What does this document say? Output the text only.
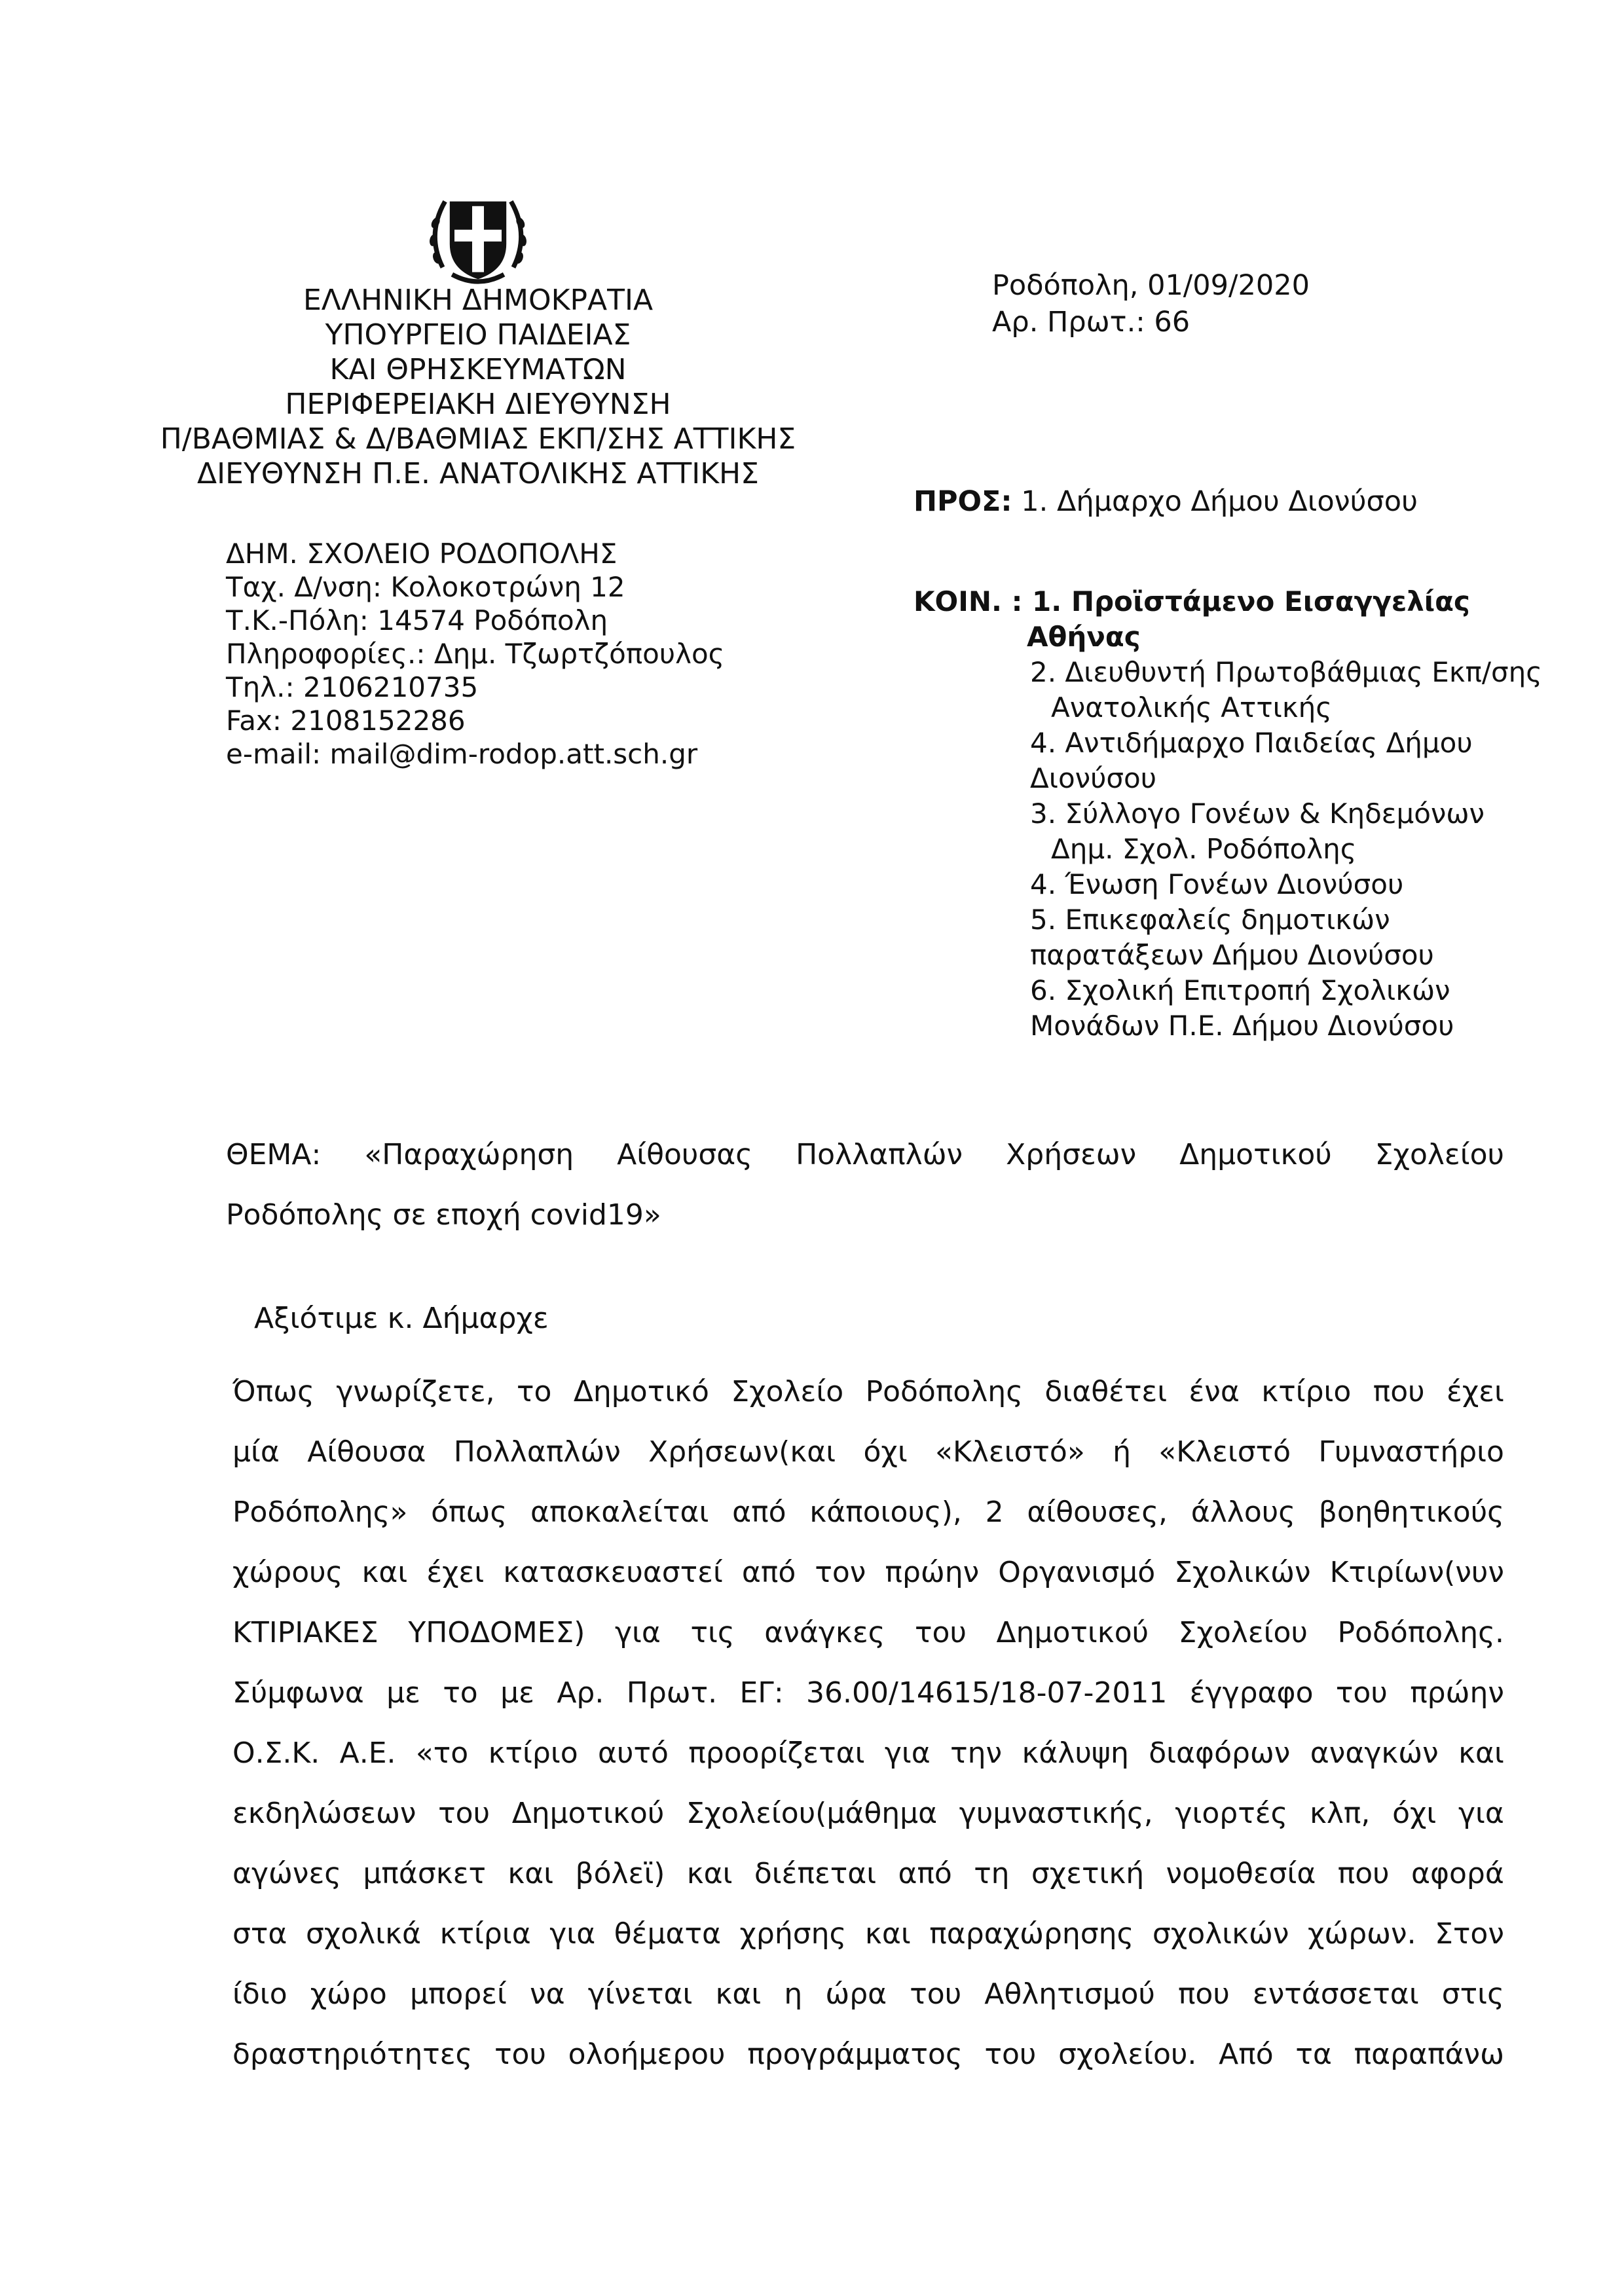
ΕΛΛΗΝΙΚΗ ΔΗΜΟΚΡΑΤΙΑ
ΥΠΟΥΡΓΕΙΟ ΠΑΙΔΕΙΑΣ
ΚΑΙ ΘΡΗΣΚΕΥΜΑΤΩΝ
ΠΕΡΙΦΕΡΕΙΑΚΗ ΔΙΕΥΘΥΝΣΗ
Π/ΒΑΘΜΙΑΣ & Δ/ΒΑΘΜΙΑΣ ΕΚΠ/ΣΗΣ ΑΤΤΙΚΗΣ
ΔΙΕΥΘΥΝΣΗ Π.Ε. ΑΝΑΤΟΛΙΚΗΣ ΑΤΤΙΚΗΣ
ΔΗΜ. ΣΧΟΛΕΙΟ ΡΟΔΟΠΟΛΗΣ
Ταχ. Δ/νση: Κολοκοτρώνη 12
Τ.Κ.-Πόλη: 14574 Ροδόπολη
Πληροφορίες.: Δημ. Τζωρτζόπουλος
Τηλ.: 2106210735
Fax: 2108152286
e-mail: mail@dim-rodop.att.sch.gr
Ροδόπολη, 01/09/2020
Αρ. Πρωτ.: 66
ΠΡΟΣ: 1. Δήμαρχο Δήμου Διονύσου
ΚΟΙΝ. : 1. Προϊστάμενο Εισαγγελίας
Αθήνας
2. Διευθυντή Πρωτοβάθμιας Εκπ/σης
Ανατολικής Αττικής
4. Αντιδήμαρχο Παιδείας Δήμου
Διονύσου
3. Σύλλογο Γονέων & Κηδεμόνων
Δημ. Σχολ. Ροδόπολης
4. Ένωση Γονέων Διονύσου
5. Επικεφαλείς δημοτικών
παρατάξεων Δήμου Διονύσου
6. Σχολική Επιτροπή Σχολικών
Μονάδων Π.Ε. Δήμου Διονύσου
ΘΕΜΑ: «Παραχώρηση Αίθουσας Πολλαπλών Χρήσεων Δημοτικού Σχολείου
Ροδόπολης σε εποχή covid19»
Αξιότιμε κ. Δήμαρχε
Όπως γνωρίζετε, το Δημοτικό Σχολείο Ροδόπολης διαθέτει ένα κτίριο που έχει
μία Αίθουσα Πολλαπλών Χρήσεων(και όχι «Κλειστό» ή «Κλειστό Γυμναστήριο
Ροδόπολης» όπως αποκαλείται από κάποιους), 2 αίθουσες, άλλους βοηθητικούς
χώρους και έχει κατασκευαστεί από τον πρώην Οργανισμό Σχολικών Κτιρίων(νυν
ΚΤΙΡΙΑΚΕΣ ΥΠΟΔΟΜΕΣ) για τις ανάγκες του Δημοτικού Σχολείου Ροδόπολης.
Σύμφωνα με το με Αρ. Πρωτ. ΕΓ: 36.00/14615/18-07-2011 έγγραφο του πρώην
Ο.Σ.Κ. Α.Ε. «το κτίριο αυτό προορίζεται για την κάλυψη διαφόρων αναγκών και
εκδηλώσεων του Δημοτικού Σχολείου(μάθημα γυμναστικής, γιορτές κλπ, όχι για
αγώνες μπάσκετ και βόλεϊ) και διέπεται από τη σχετική νομοθεσία που αφορά
στα σχολικά κτίρια για θέματα χρήσης και παραχώρησης σχολικών χώρων. Στον
ίδιο χώρο μπορεί να γίνεται και η ώρα του Αθλητισμού που εντάσσεται στις
δραστηριότητες του ολοήμερου προγράμματος του σχολείου. Από τα παραπάνω
